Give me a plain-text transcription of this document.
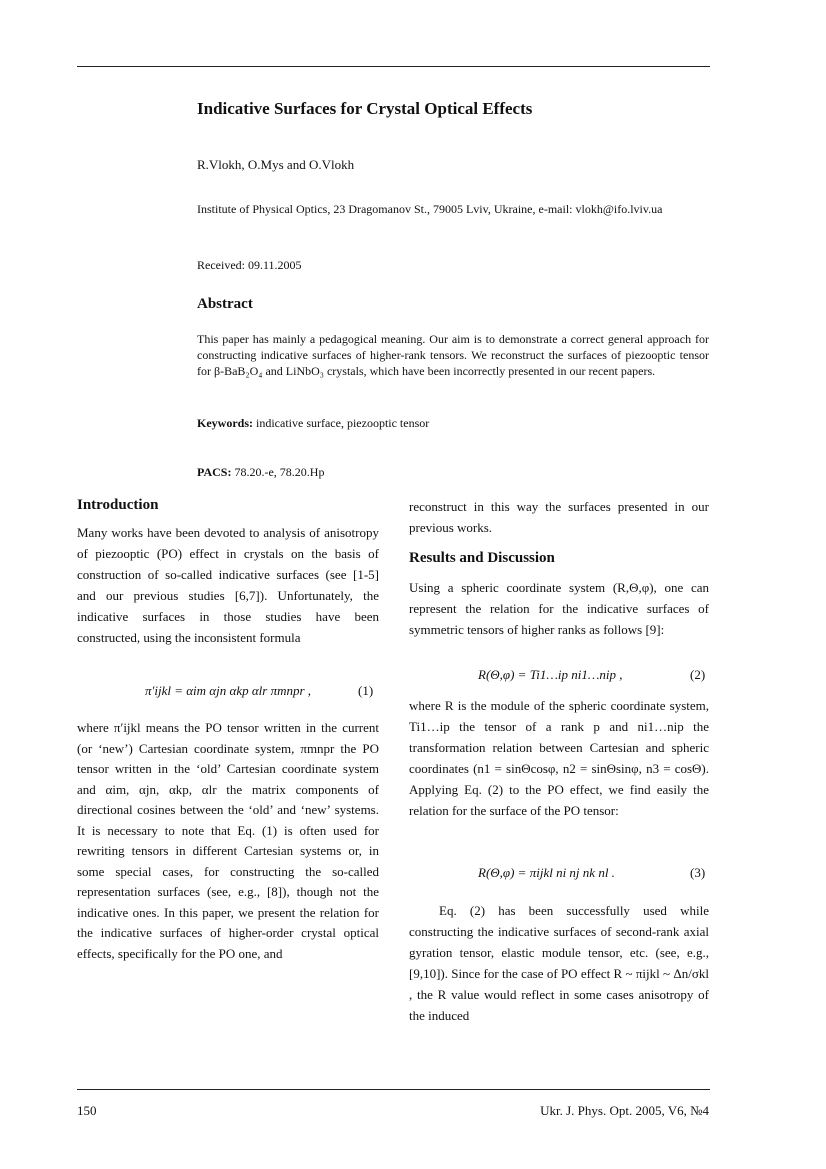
Indicative Surfaces for Crystal Optical Effects
R.Vlokh, O.Mys and O.Vlokh
Institute of Physical Optics, 23 Dragomanov St., 79005 Lviv, Ukraine, e-mail: vlokh@ifo.lviv.ua
Received: 09.11.2005
Abstract
This paper has mainly a pedagogical meaning. Our aim is to demonstrate a correct general approach for constructing indicative surfaces of higher-rank tensors. We reconstruct the surfaces of piezooptic tensor for β-BaB₂O₄ and LiNbO₃ crystals, which have been incorrectly presented in our recent papers.
Keywords: indicative surface, piezooptic tensor
PACS: 78.20.-e, 78.20.Hp
Introduction
Many works have been devoted to analysis of anisotropy of piezooptic (PO) effect in crystals on the basis of construction of so-called indicative surfaces (see [1-5] and our previous studies [6,7]). Unfortunately, the indicative surfaces in those studies have been constructed, using the inconsistent formula
π′ijkl = αim αjn αkp αlr πmnpr ,	(1)
where π′ijkl means the PO tensor written in the current (or ‘new’) Cartesian coordinate system, πmnpr the PO tensor written in the ‘old’ Cartesian coordinate system and αim, αjn, αkp, αlr the matrix components of directional cosines between the ‘old’ and ‘new’ systems. It is necessary to note that Eq. (1) is often used for rewriting tensors in different Cartesian systems or, in some special cases, for constructing the so-called representation surfaces (see, e.g., [8]), though not the indicative ones. In this paper, we present the relation for the indicative surfaces of higher-order crystal optical effects, specifically for the PO one, and
reconstruct in this way the surfaces presented in our previous works.
Results and Discussion
Using a spheric coordinate system (R,Θ,φ), one can represent the relation for the indicative surfaces of symmetric tensors of higher ranks as follows [9]:
R(Θ,φ) = Ti1…ip ni1…nip ,	(2)
where R is the module of the spheric coordinate system, Ti1…ip the tensor of a rank p and ni1…nip the transformation relation between Cartesian and spheric coordinates (n1 = sinΘcosφ, n2 = sinΘsinφ, n3 = cosΘ). Applying Eq. (2) to the PO effect, we find easily the relation for the surface of the PO tensor:
R(Θ,φ) = πijkl ni nj nk nl .	(3)
Eq. (2) has been successfully used while constructing the indicative surfaces of second-rank axial gyration tensor, elastic module tensor, etc. (see, e.g., [9,10]). Since for the case of PO effect R ~ πijkl ~ Δn/σkl , the R value would reflect in some cases anisotropy of the induced
150	Ukr. J. Phys. Opt. 2005, V6, №4
